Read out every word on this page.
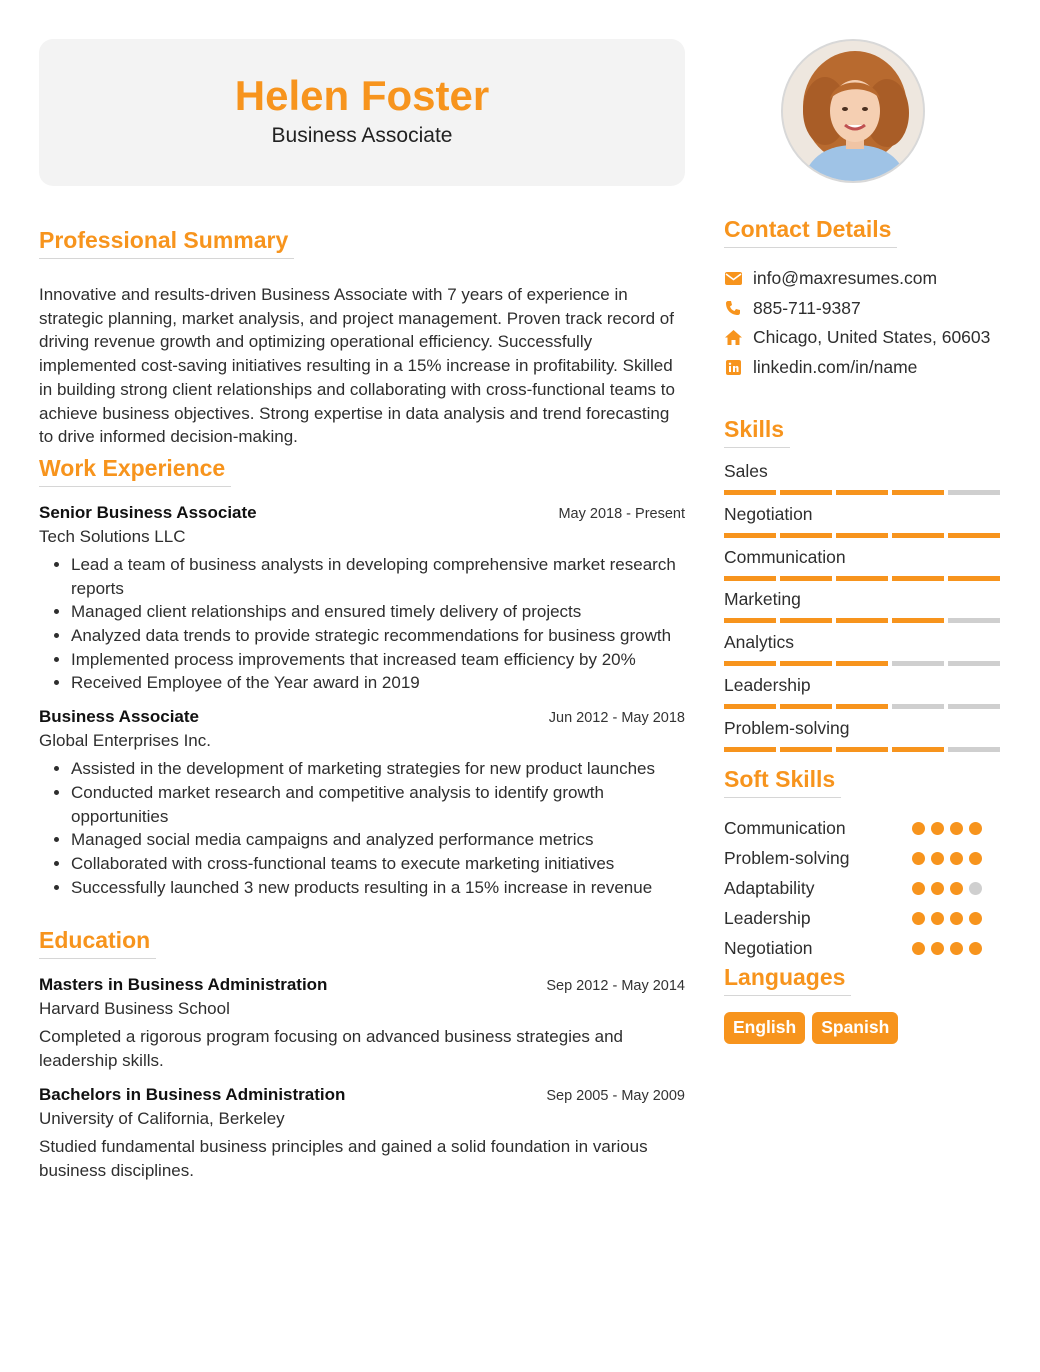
Helen Foster
Business Associate
Professional Summary
Innovative and results-driven Business Associate with 7 years of experience in strategic planning, market analysis, and project management. Proven track record of driving revenue growth and optimizing operational efficiency. Successfully implemented cost-saving initiatives resulting in a 15% increase in profitability. Skilled in building strong client relationships and collaborating with cross-functional teams to achieve business objectives. Strong expertise in data analysis and trend forecasting to drive informed decision-making.
Work Experience
Senior Business Associate	May 2018 - Present
Tech Solutions LLC
• Lead a team of business analysts in developing comprehensive market research reports
• Managed client relationships and ensured timely delivery of projects
• Analyzed data trends to provide strategic recommendations for business growth
• Implemented process improvements that increased team efficiency by 20%
• Received Employee of the Year award in 2019
Business Associate	Jun 2012 - May 2018
Global Enterprises Inc.
• Assisted in the development of marketing strategies for new product launches
• Conducted market research and competitive analysis to identify growth opportunities
• Managed social media campaigns and analyzed performance metrics
• Collaborated with cross-functional teams to execute marketing initiatives
• Successfully launched 3 new products resulting in a 15% increase in revenue
Education
Masters in Business Administration	Sep 2012 - May 2014
Harvard Business School
Completed a rigorous program focusing on advanced business strategies and leadership skills.
Bachelors in Business Administration	Sep 2005 - May 2009
University of California, Berkeley
Studied fundamental business principles and gained a solid foundation in various business disciplines.
Contact Details
info@maxresumes.com
885-711-9387
Chicago, United States, 60603
linkedin.com/in/name
Skills
Sales
Negotiation
Communication
Marketing
Analytics
Leadership
Problem-solving
Soft Skills
Communication
Problem-solving
Adaptability
Leadership
Negotiation
Languages
English	Spanish
